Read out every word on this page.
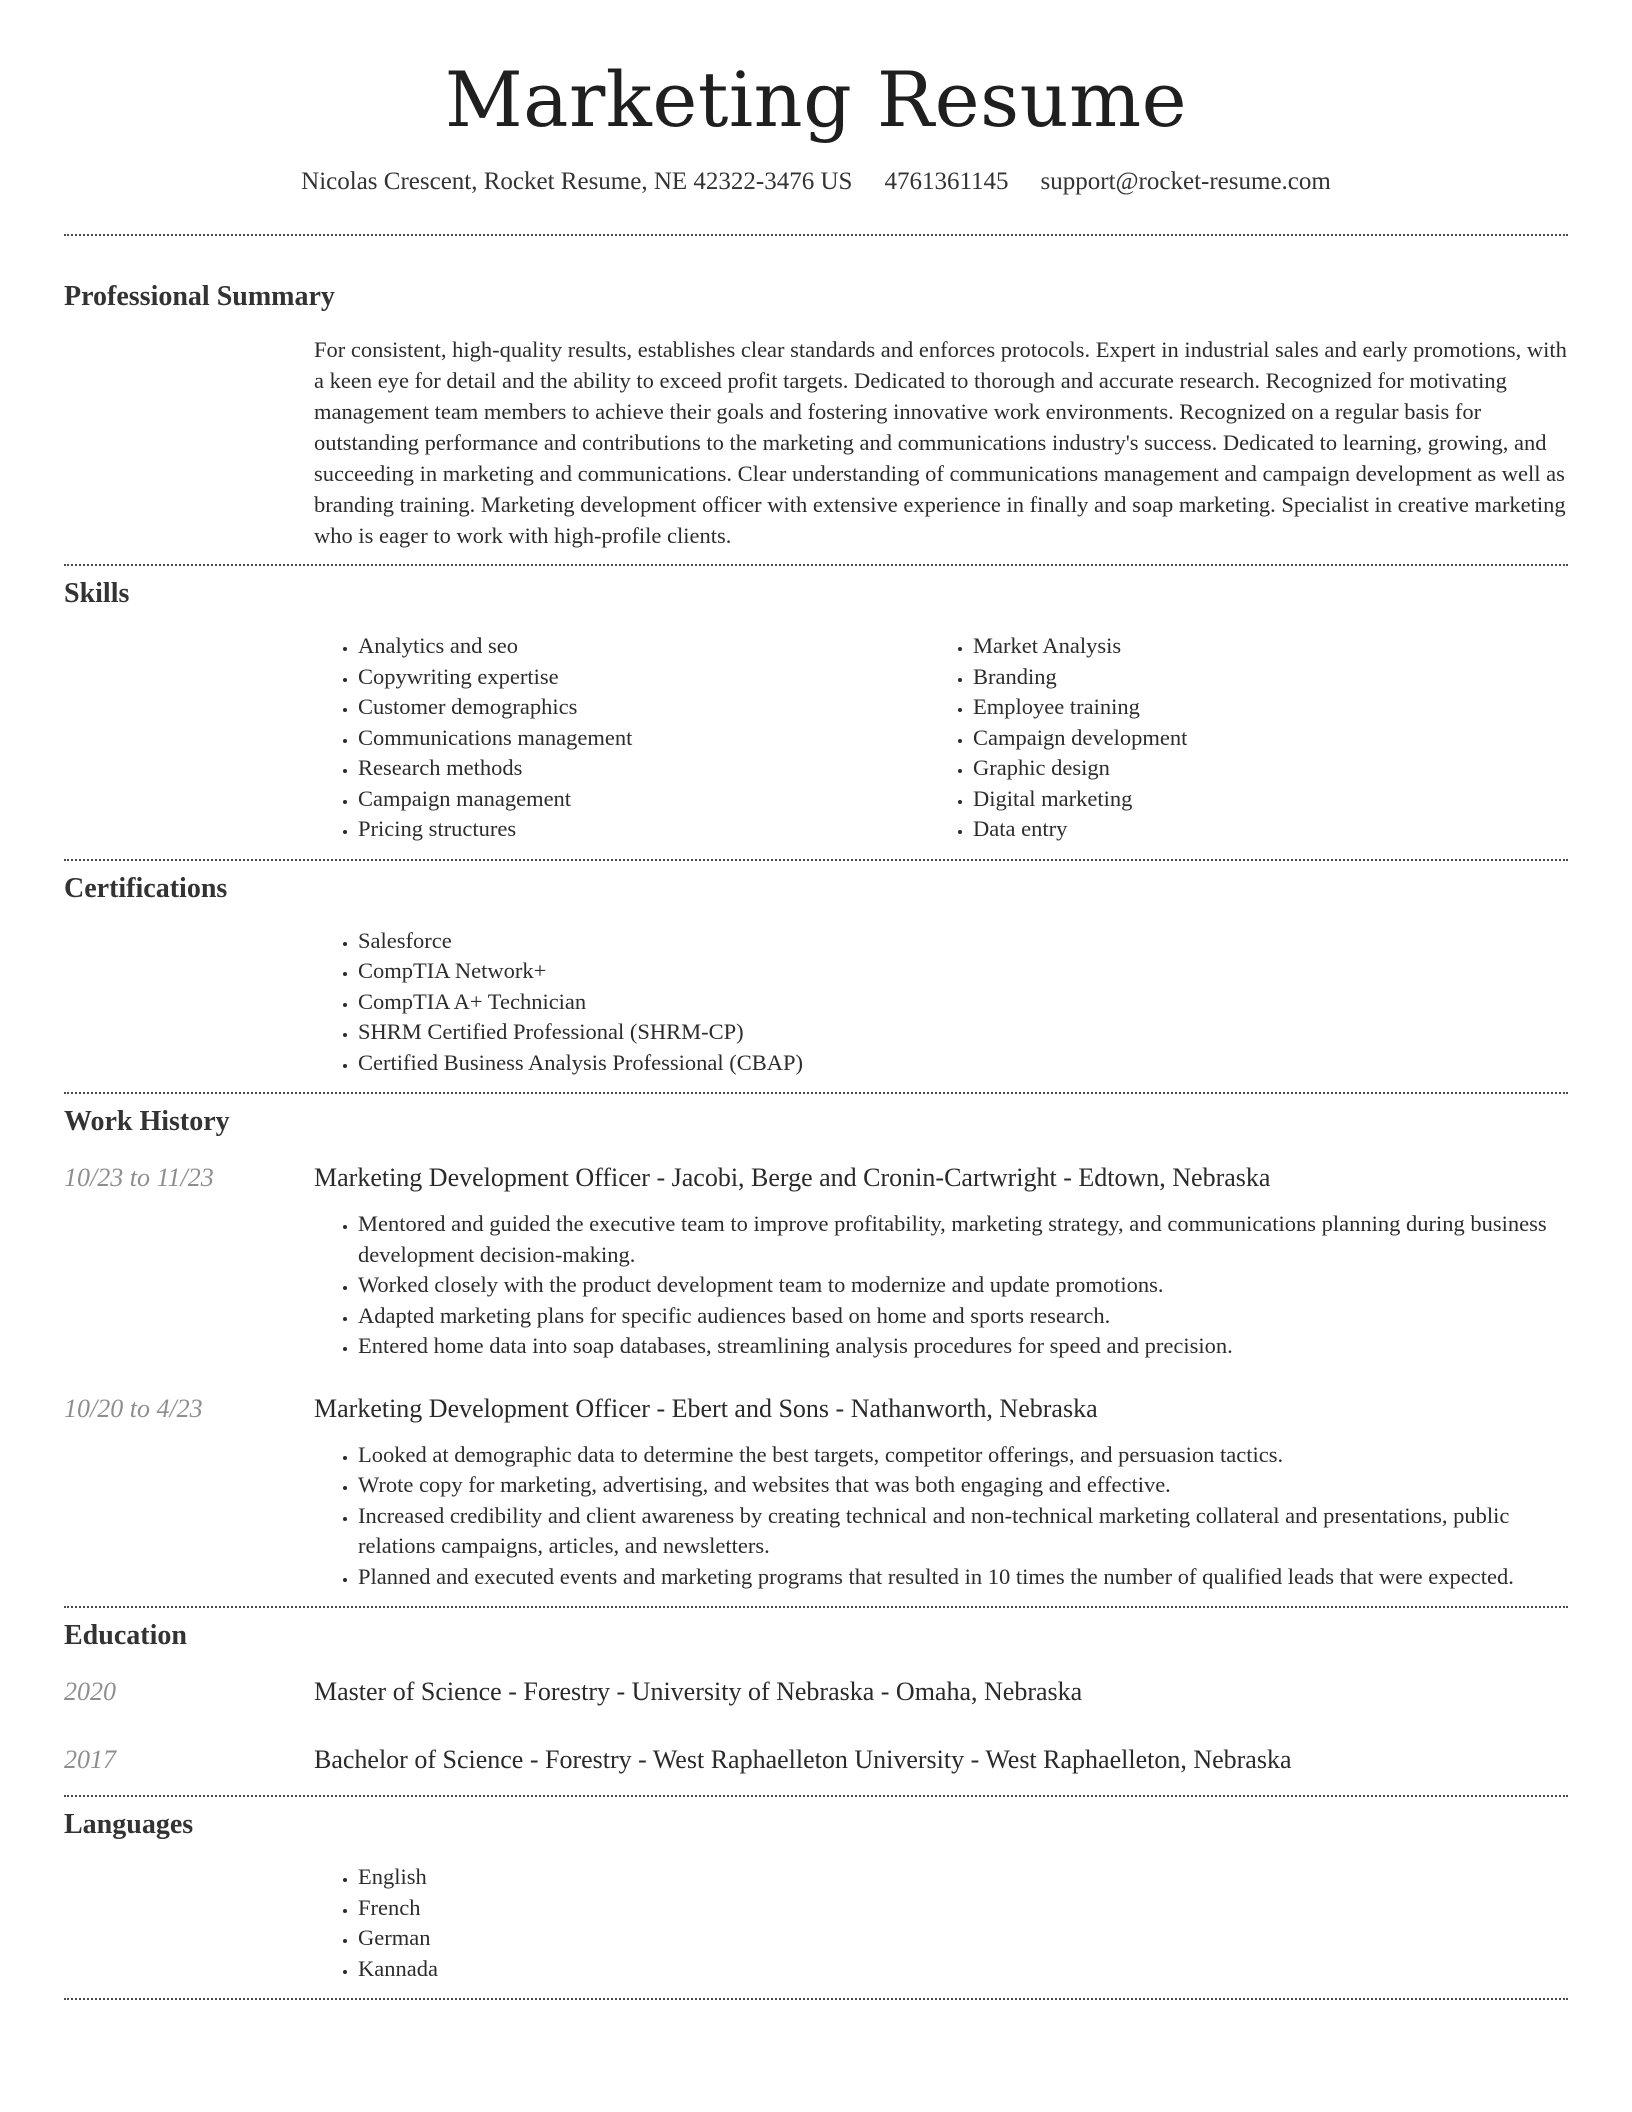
Marketing Resume
Nicolas Crescent, Rocket Resume, NE 42322-3476 US 4761361145 support@rocket-resume.com
Professional Summary

For consistent, high-quality results, establishes clear standards and enforces protocols. Expert in industrial sales and early promotions, with a keen eye for detail and the ability to exceed profit targets. Dedicated to thorough and accurate research. Recognized for motivating management team members to achieve their goals and fostering innovative work environments. Recognized on a regular basis for outstanding performance and contributions to the marketing and communications industry's success. Dedicated to learning, growing, and succeeding in marketing and communications. Clear understanding of communications management and campaign development as well as branding training. Marketing development officer with extensive experience in finally and soap marketing. Specialist in creative marketing who is eager to work with high-profile clients.

Skills
• Analytics and seo
• Copywriting expertise
• Customer demographics
• Communications management
• Research methods
• Campaign management
• Pricing structures
• Market Analysis
• Branding
• Employee training
• Campaign development
• Graphic design
• Digital marketing
• Data entry
Certifications
• Salesforce
• CompTIA Network+
• CompTIA A+ Technician
• SHRM Certified Professional (SHRM-CP)
• Certified Business Analysis Professional (CBAP)
Work History
10/23 to 11/23	Marketing Development Officer - Jacobi, Berge and Cronin-Cartwright - Edtown, Nebraska
• Mentored and guided the executive team to improve profitability, marketing strategy, and communications planning during business development decision-making.
• Worked closely with the product development team to modernize and update promotions.
• Adapted marketing plans for specific audiences based on home and sports research.
• Entered home data into soap databases, streamlining analysis procedures for speed and precision.
10/20 to 4/23	Marketing Development Officer - Ebert and Sons - Nathanworth, Nebraska
• Looked at demographic data to determine the best targets, competitor offerings, and persuasion tactics.
• Wrote copy for marketing, advertising, and websites that was both engaging and effective.
• Increased credibility and client awareness by creating technical and non-technical marketing collateral and presentations, public relations campaigns, articles, and newsletters.
• Planned and executed events and marketing programs that resulted in 10 times the number of qualified leads that were expected.
Education
2020	Master of Science - Forestry - University of Nebraska - Omaha, Nebraska
2017	Bachelor of Science - Forestry - West Raphaelleton University - West Raphaelleton, Nebraska
Languages
• English
• French
• German
• Kannada
